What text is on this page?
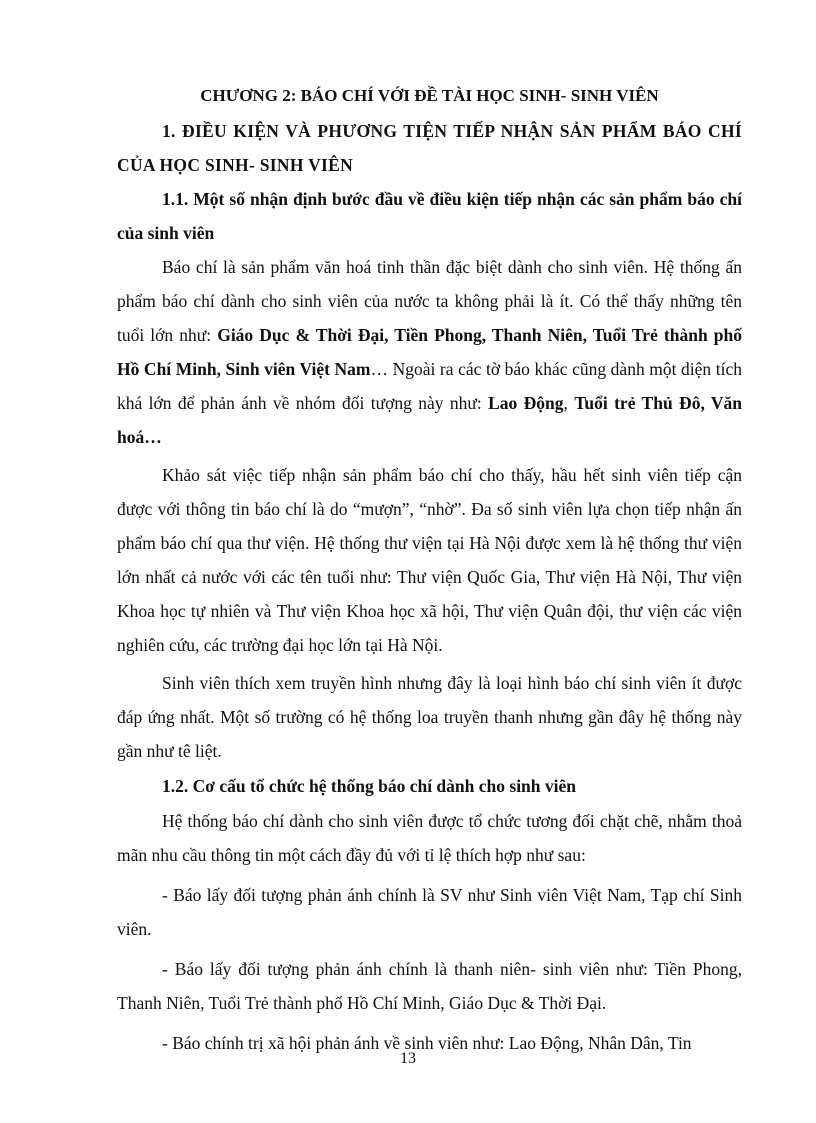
CHƯƠNG 2: BÁO CHÍ VỚI ĐỀ TÀI HỌC SINH- SINH VIÊN
1. ĐIỀU KIỆN VÀ PHƯƠNG TIỆN TIẾP NHẬN SẢN PHẨM BÁO CHÍ CỦA HỌC SINH- SINH VIÊN
1.1. Một số nhận định bước đầu về điều kiện tiếp nhận các sản phẩm báo chí của sinh viên

Báo chí là sản phẩm văn hoá tinh thần đặc biệt dành cho sinh viên. Hệ thống ấn phẩm báo chí dành cho sinh viên của nước ta không phải là ít. Có thể thấy những tên tuổi lớn như: Giáo Dục & Thời Đại, Tiền Phong, Thanh Niên, Tuổi Trẻ thành phố Hồ Chí Minh, Sinh viên Việt Nam… Ngoài ra các tờ báo khác cũng dành một diện tích khá lớn để phản ánh về nhóm đối tượng này như: Lao Động, Tuổi trẻ Thủ Đô, Văn hoá…

Khảo sát việc tiếp nhận sản phẩm báo chí cho thấy, hầu hết sinh viên tiếp cận được với thông tin báo chí là do “mượn”, “nhờ”. Đa số sinh viên lựa chọn tiếp nhận ấn phẩm báo chí qua thư viện. Hệ thống thư viện tại Hà Nội được xem là hệ thống thư viện lớn nhất cả nước với các tên tuổi như: Thư viện Quốc Gia, Thư viện Hà Nội, Thư viện Khoa học tự nhiên và Thư viện Khoa học xã hội, Thư viện Quân đội, thư viện các viện nghiên cứu, các trường đại học lớn tại Hà Nội.

Sinh viên thích xem truyền hình nhưng đây là loại hình báo chí sinh viên ít được đáp ứng nhất. Một số trường có hệ thống loa truyền thanh nhưng gần đây hệ thống này gần như tê liệt.

1.2. Cơ cấu tổ chức hệ thống báo chí dành cho sinh viên

Hệ thống báo chí dành cho sinh viên được tổ chức tương đối chặt chẽ, nhằm thoả mãn nhu cầu thông tin một cách đầy đủ với tỉ lệ thích hợp như sau:

- Báo lấy đối tượng phản ánh chính là SV như Sinh viên Việt Nam, Tạp chí Sinh viên.

- Báo lấy đối tượng phản ánh chính là thanh niên- sinh viên như: Tiền Phong, Thanh Niên, Tuổi Trẻ thành phố Hồ Chí Minh, Giáo Dục & Thời Đại.

- Báo chính trị xã hội phản ánh về sinh viên như: Lao Động, Nhân Dân, Tin

13
